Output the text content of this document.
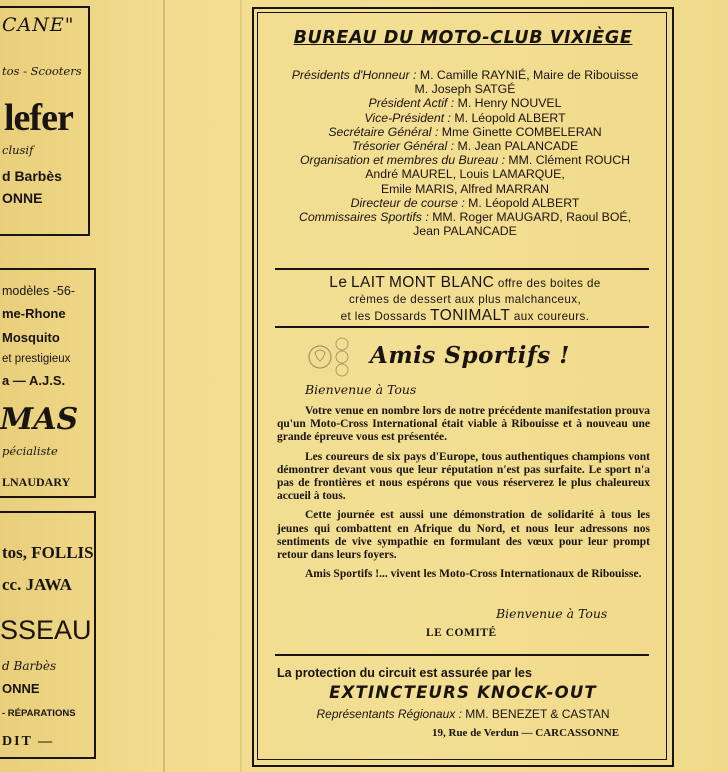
CANE"
tos - Scooters
lefer
clusif
d Barbès
ONNE
modèles -56-
me-Rhone
Mosquito
et prestigieux
a — A.J.S.
MAS
pécialiste
LNAUDARY
tos, FOLLIS
cc. JAWA
SSEAU
d Barbès
ONNE
- RÉPARATIONS
DIT —
BUREAU DU MOTO-CLUB VIXIÈGE
Présidents d'Honneur : M. Camille RAYNIÉ, Maire de Ribouisse
M. Joseph SATGÉ
Président Actif : M. Henry NOUVEL
Vice-Président : M. Léopold ALBERT
Secrétaire Général : Mme Ginette COMBELERAN
Trésorier Général : M. Jean PALANCADE
Organisation et membres du Bureau : MM. Clément ROUCH
André MAUREL, Louis LAMARQUE,
Emile MARIS, Alfred MARRAN
Directeur de course : M. Léopold ALBERT
Commissaires Sportifs : MM. Roger MAUGARD, Raoul BOÉ,
Jean PALANCADE
Le LAIT MONT BLANC offre des boites de
crèmes de dessert aux plus malchanceux,
et les Dossards TONIMALT aux coureurs.
Amis Sportifs !
Bienvenue à Tous

Votre venue en nombre lors de notre précédente manifestation prouva qu'un Moto-Cross International était viable à Ribouisse et à nouveau une grande épreuve vous est présentée.

Les coureurs de six pays d'Europe, tous authentiques champions vont démontrer devant vous que leur réputation n'est pas surfaite. Le sport n'a pas de frontières et nous espérons que vous réserverez le plus chaleureux accueil à tous.

Cette journée est aussi une démonstration de solidarité à tous les jeunes qui combattent en Afrique du Nord, et nous leur adressons nos sentiments de vive sympathie en formulant des vœux pour leur prompt retour dans leurs foyers.

Amis Sportifs !... vivent les Moto-Cross Internationaux de Ribouisse.

Bienvenue à Tous
LE COMITÉ
La protection du circuit est assurée par les
EXTINCTEURS KNOCK-OUT
Représentants Régionaux : MM. BENEZET & CASTAN
19, Rue de Verdun — CARCASSONNE
